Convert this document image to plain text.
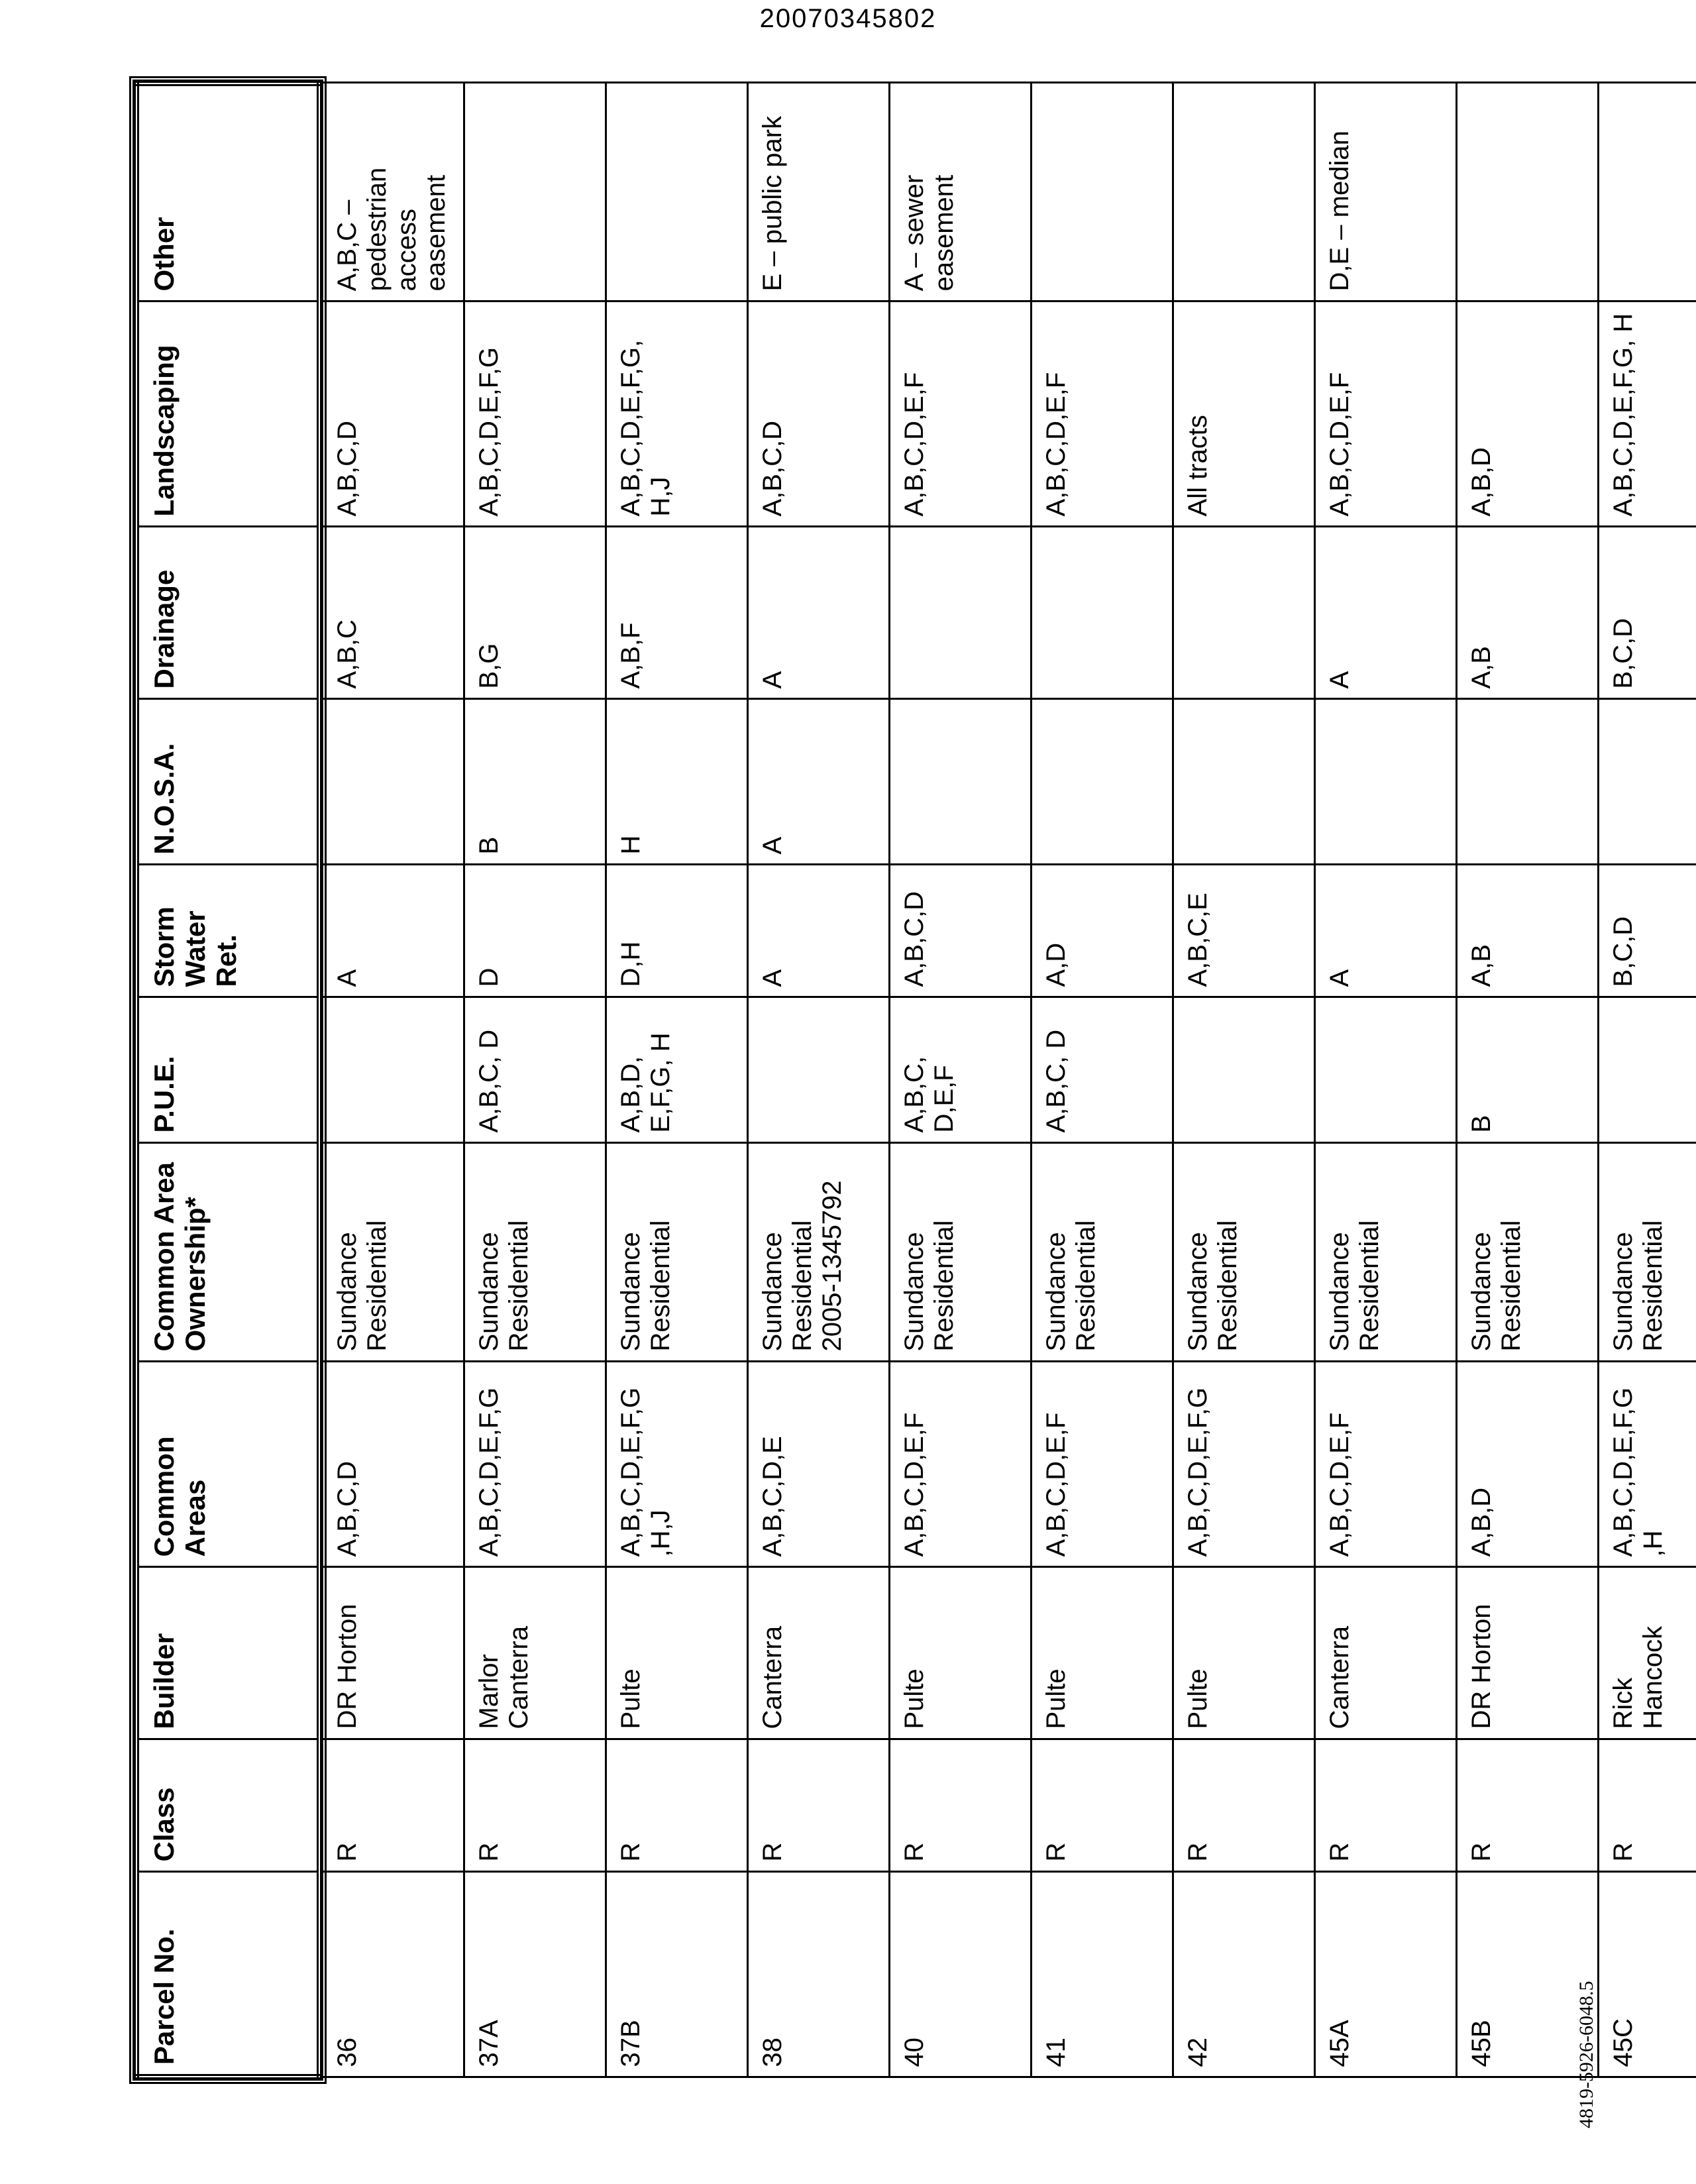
20070345802
Parcel No.	Class	Builder	Common Areas	Common Area Ownership*	P.U.E.	Storm Water Ret.	N.O.S.A.	Drainage	Landscaping	Other
36	R	DR Horton	A,B,C,D	Sundance Residential		A		A,B,C	A,B,C,D	A,B,C – pedestrian access easement
37A	R	Marlor Canterra	A,B,C,D,E,F,G	Sundance Residential	A,B,C, D	D	B	B,G	A,B,C,D,E,F,G	
37B	R	Pulte	A,B,C,D,E,F,G ,H,J	Sundance Residential	A,B,D, E,F,G, H	D,H	H	A,B,F	A,B,C,D,E,F,G, H,J	
38	R	Canterra	A,B,C,D,E	Sundance Residential 2005-1345792		A	A	A	A,B,C,D	E – public park
40	R	Pulte	A,B,C,D,E,F	Sundance Residential	A,B,C, D,E,F	A,B,C,D			A,B,C,D,E,F	A – sewer easement
41	R	Pulte	A,B,C,D,E,F	Sundance Residential	A,B,C, D	A,D			A,B,C,D,E,F	
42	R	Pulte	A,B,C,D,E,F,G	Sundance Residential		A,B,C,E			All tracts	
45A	R	Canterra	A,B,C,D,E,F	Sundance Residential		A		A	A,B,C,D,E,F	D,E – median
45B	R	DR Horton	A,B,D	Sundance Residential	B	A,B		A,B	A,B,D	
45C	R	Rick Hancock	A,B,C,D,E,F,G ,H	Sundance Residential		B,C,D		B,C,D	A,B,C,D,E,F,G, H	
4819-5926-6048.5
